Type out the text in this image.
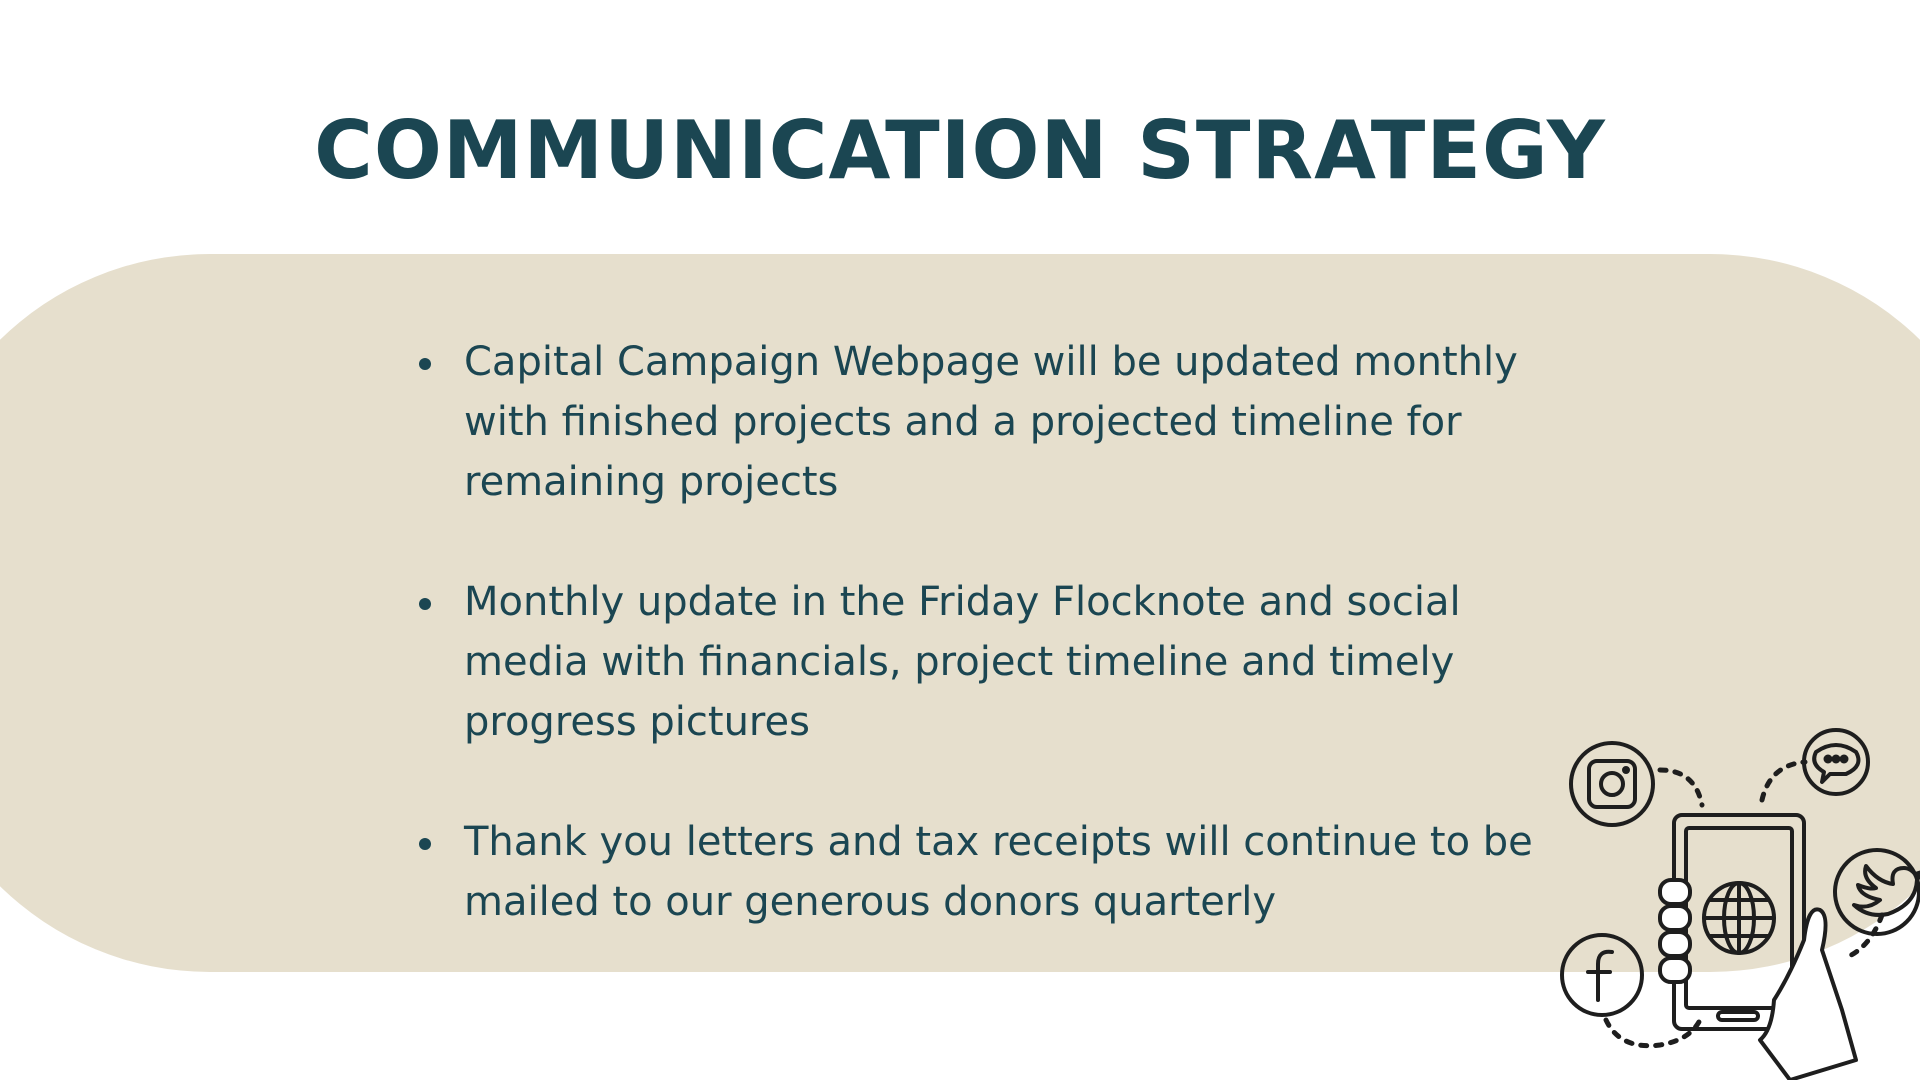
COMMUNICATION STRATEGY
Capital Campaign Webpage will be updated monthly with finished projects and a projected timeline for remaining projects
Monthly update in the Friday Flocknote and social media with financials, project timeline and timely progress pictures
Thank you letters and tax receipts will continue to be mailed to our generous donors quarterly
